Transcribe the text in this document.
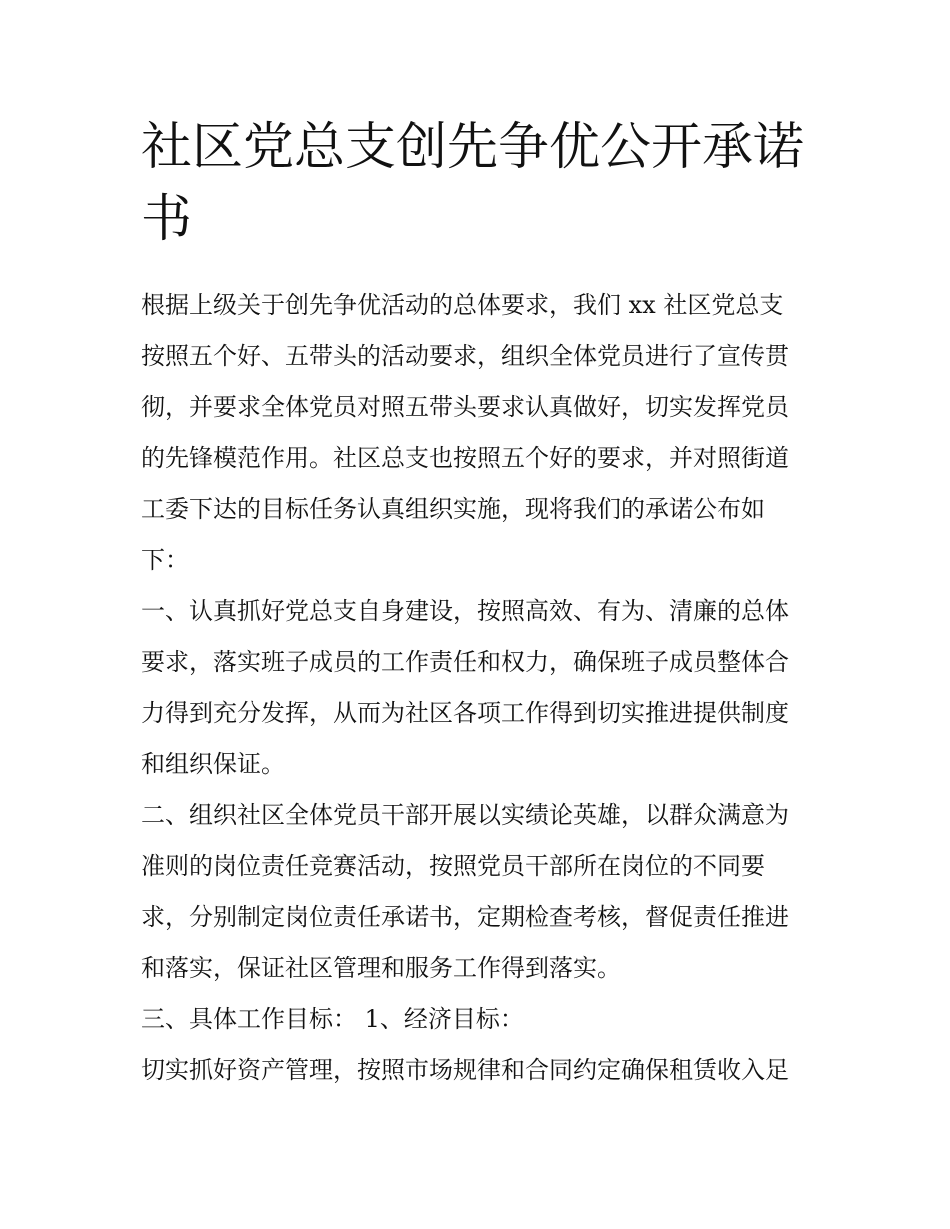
社区党总支创先争优公开承诺
书
根据上级关于创先争优活动的总体要求，我们 xx 社区党总支
按照五个好、五带头的活动要求，组织全体党员进行了宣传贯
彻，并要求全体党员对照五带头要求认真做好，切实发挥党员
的先锋模范作用。社区总支也按照五个好的要求，并对照街道
工委下达的目标任务认真组织实施，现将我们的承诺公布如
下：
一、认真抓好党总支自身建设，按照高效、有为、清廉的总体
要求，落实班子成员的工作责任和权力，确保班子成员整体合
力得到充分发挥，从而为社区各项工作得到切实推进提供制度
和组织保证。
二、组织社区全体党员干部开展以实绩论英雄，以群众满意为
准则的岗位责任竞赛活动，按照党员干部所在岗位的不同要
求，分别制定岗位责任承诺书，定期检查考核，督促责任推进
和落实，保证社区管理和服务工作得到落实。
三、具体工作目标： 1、经济目标：
切实抓好资产管理，按照市场规律和合同约定确保租赁收入足
